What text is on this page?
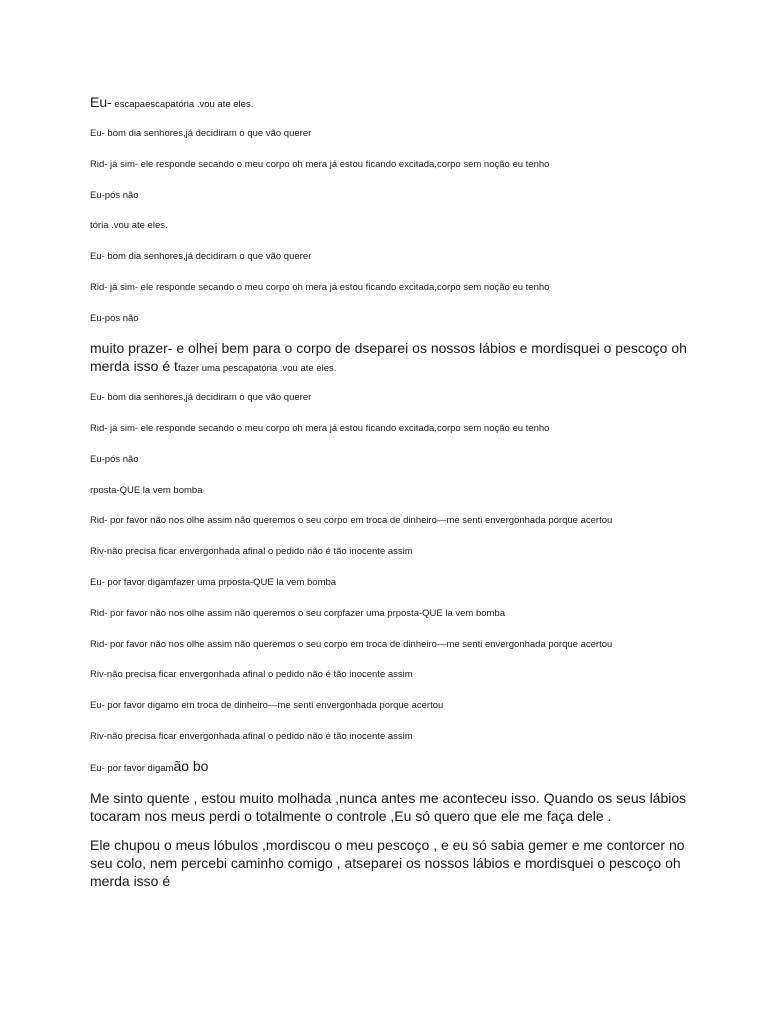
Eu- escapaescapatória .vou ate eles.

Eu- bom dia senhores,já decidiram o que vão querer

Rid- já sim- ele responde secando o meu corpo oh mera já estou ficando excitada,corpo sem noção eu tenho

Eu-pós não

tória .vou ate eles.

Eu- bom dia senhores,já decidiram o que vão querer

Rid- já sim- ele responde secando o meu corpo oh mera já estou ficando excitada,corpo sem noção eu tenho

Eu-pós não

muito prazer- e olhei bem para o corpo de dseparei os nossos lábios e mordisquei o pescoço oh merda isso é tfazer uma pescapatória .vou ate eles.

Eu- bom dia senhores,já decidiram o que vão querer

Rid- já sim- ele responde secando o meu corpo oh mera já estou ficando excitada,corpo sem noção eu tenho

Eu-pós não

rposta-QUE la vem bomba

Rid- por favor não nos olhe assim não queremos o seu corpo em troca de dinheiro—me senti envergonhada porque acertou

Riv-não precisa ficar envergonhada afinal o pedido não é tão inocente assim

Eu- por favor digamfazer uma prposta-QUE la vem bomba

Rid- por favor não nos olhe assim não queremos o seu corpfazer uma prposta-QUE la vem bomba

Rid- por favor não nos olhe assim não queremos o seu corpo em troca de dinheiro—me senti envergonhada porque acertou

Riv-não precisa ficar envergonhada afinal o pedido não é tão inocente assim

Eu- por favor digamo em troca de dinheiro—me senti envergonhada porque acertou

Riv-não precisa ficar envergonhada afinal o pedido não é tão inocente assim

Eu- por favor digamão bo

Me sinto quente , estou muito molhada ,nunca antes me aconteceu isso. Quando os seus lábios tocaram nos meus perdi o totalmente o controle ,Eu só quero que ele me faça dele .

Ele chupou o meus lóbulos ,mordiscou o meu pescoço , e eu só sabia gemer e me contorcer no seu colo, nem percebi caminho comigo , atseparei os nossos lábios e mordisquei o pescoço oh merda isso é
